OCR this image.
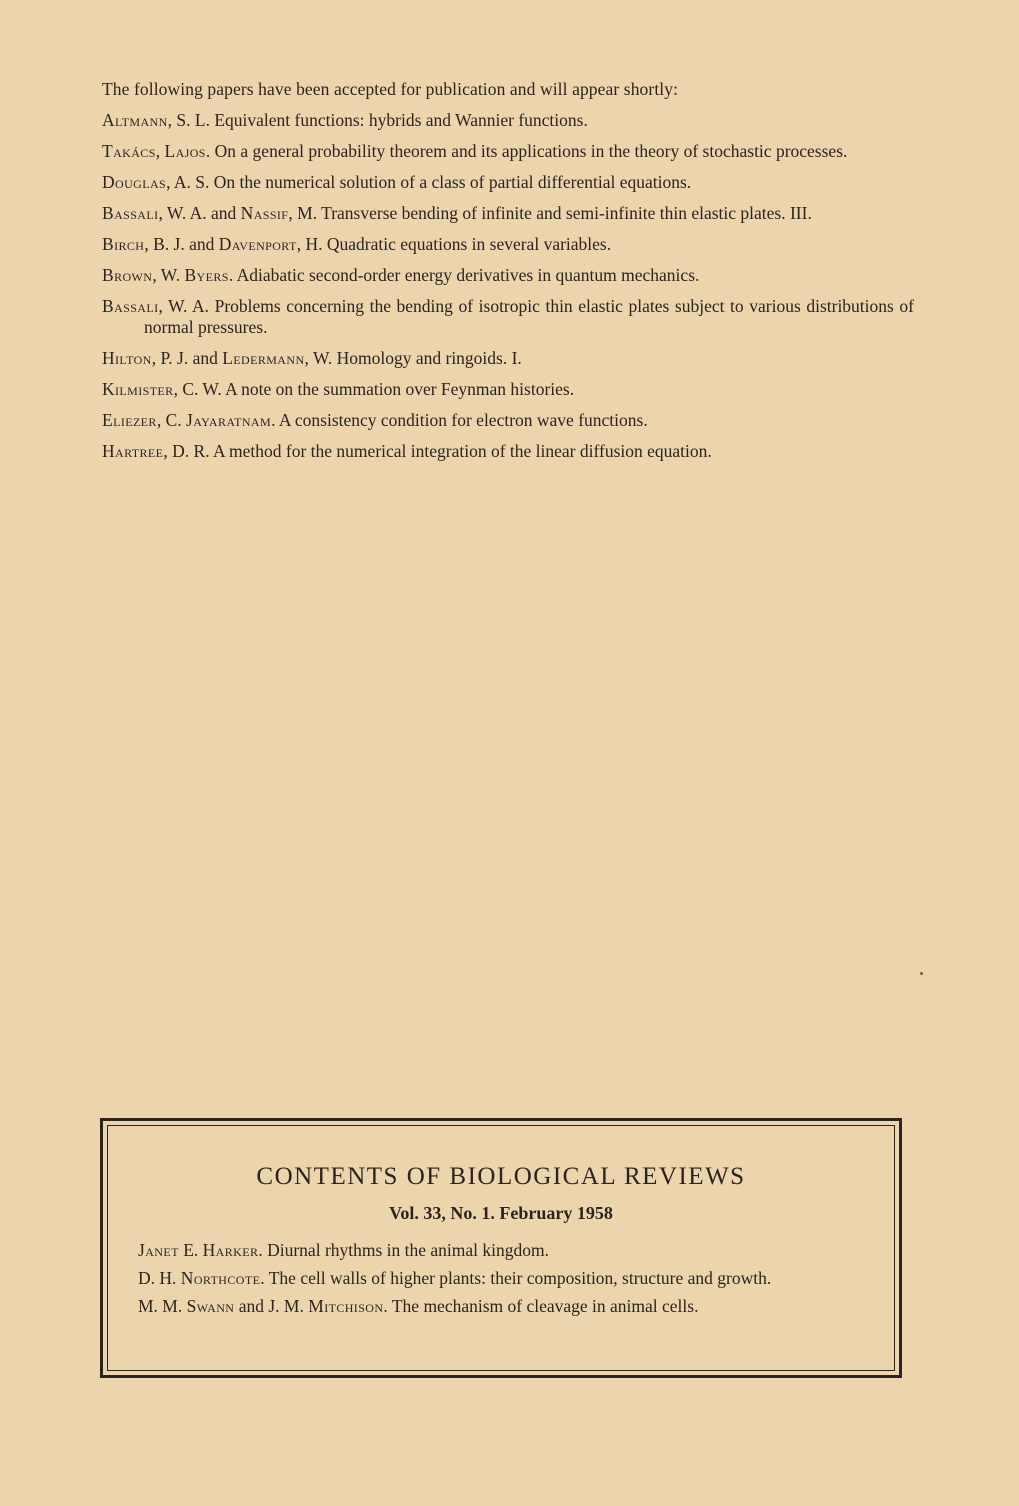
The following papers have been accepted for publication and will appear shortly:

Altmann, S. L. Equivalent functions: hybrids and Wannier functions.

Takács, Lajos. On a general probability theorem and its applications in the theory of stochastic processes.

Douglas, A. S. On the numerical solution of a class of partial differential equations.

Bassali, W. A. and Nassif, M. Transverse bending of infinite and semi-infinite thin elastic plates. III.

Birch, B. J. and Davenport, H. Quadratic equations in several variables.

Brown, W. Byers. Adiabatic second-order energy derivatives in quantum mechanics.

Bassali, W. A. Problems concerning the bending of isotropic thin elastic plates subject to various distributions of normal pressures.

Hilton, P. J. and Ledermann, W. Homology and ringoids. I.

Kilmister, C. W. A note on the summation over Feynman histories.

Eliezer, C. Jayaratnam. A consistency condition for electron wave functions.

Hartree, D. R. A method for the numerical integration of the linear diffusion equation.

CONTENTS OF BIOLOGICAL REVIEWS

Vol. 33, No. 1. February 1958

Janet E. Harker. Diurnal rhythms in the animal kingdom.

D. H. Northcote. The cell walls of higher plants: their composition, structure and growth.

M. M. Swann and J. M. Mitchison. The mechanism of cleavage in animal cells.
